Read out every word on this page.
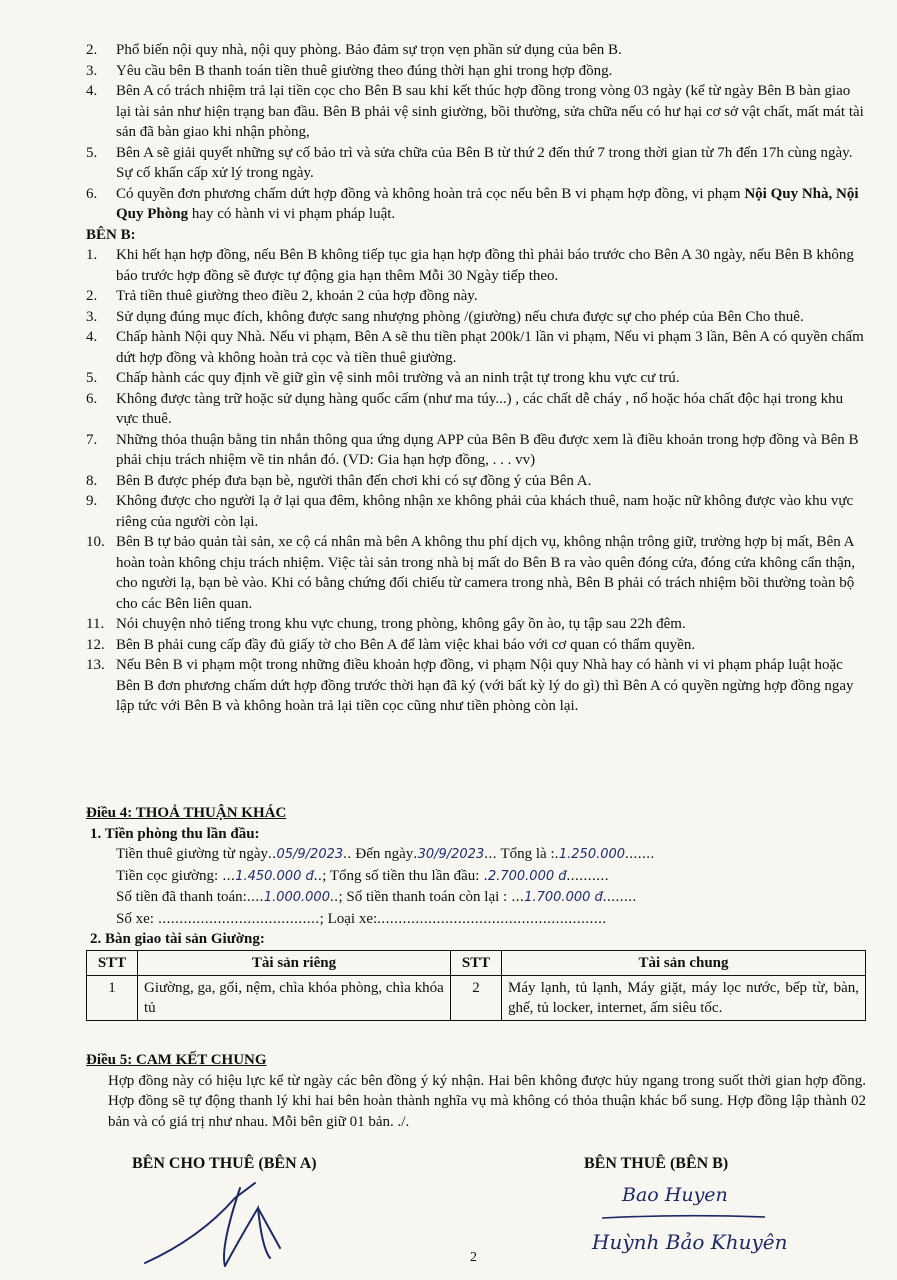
2. Phổ biến nội quy nhà, nội quy phòng. Bảo đảm sự trọn vẹn phần sử dụng của bên B.
3. Yêu cầu bên B thanh toán tiền thuê giường theo đúng thời hạn ghi trong hợp đồng.
4. Bên A có trách nhiệm trả lại tiền cọc cho Bên B sau khi kết thúc hợp đồng trong vòng 03 ngày (kể từ ngày Bên B bàn giao lại tài sản như hiện trạng ban đầu. Bên B phải vệ sinh giường, bồi thường, sửa chữa nếu có hư hại cơ sở vật chất, mất mát tài sản đã bàn giao khi nhận phòng,
5. Bên A sẽ giải quyết những sự cố bảo trì và sửa chữa của Bên B từ thứ 2 đến thứ 7 trong thời gian từ 7h đến 17h cùng ngày. Sự cố khẩn cấp xử lý trong ngày.
6. Có quyền đơn phương chấm dứt hợp đồng và không hoàn trả cọc nếu bên B vi phạm hợp đồng, vi phạm Nội Quy Nhà, Nội Quy Phòng hay có hành vi vi phạm pháp luật.
BÊN B:
1. Khi hết hạn hợp đồng, nếu Bên B không tiếp tục gia hạn hợp đồng thì phải báo trước cho Bên A 30 ngày, nếu Bên B không báo trước hợp đồng sẽ được tự động gia hạn thêm Mỗi 30 Ngày tiếp theo.
2. Trả tiền thuê giường theo điều 2, khoản 2 của hợp đồng này.
3. Sử dụng đúng mục đích, không được sang nhượng phòng /(giường) nếu chưa được sự cho phép của Bên Cho thuê.
4. Chấp hành Nội quy Nhà. Nếu vi phạm, Bên A sẽ thu tiền phạt 200k/1 lần vi phạm, Nếu vi phạm 3 lần, Bên A có quyền chấm dứt hợp đồng và không hoàn trả cọc và tiền thuê giường.
5. Chấp hành các quy định về giữ gìn vệ sinh môi trường và an ninh trật tự trong khu vực cư trú.
6. Không được tàng trữ hoặc sử dụng hàng quốc cấm (như ma túy...) , các chất dễ cháy , nổ hoặc hóa chất độc hại trong khu vực thuê.
7. Những thỏa thuận bằng tin nhắn thông qua ứng dụng APP của Bên B đều được xem là điều khoản trong hợp đồng và Bên B phải chịu trách nhiệm về tin nhắn đó. (VD: Gia hạn hợp đồng, . . . vv)
8. Bên B được phép đưa bạn bè, người thân đến chơi khi có sự đồng ý của Bên A.
9. Không được cho người lạ ở lại qua đêm, không nhận xe không phải của khách thuê, nam hoặc nữ không được vào khu vực riêng của người còn lại.
10. Bên B tự bảo quản tài sản, xe cộ cá nhân mà bên A không thu phí dịch vụ, không nhận trông giữ, trường hợp bị mất, Bên A hoàn toàn không chịu trách nhiệm. Việc tài sản trong nhà bị mất do Bên B ra vào quên đóng cửa, đóng cửa không cẩn thận, cho người lạ, bạn bè vào. Khi có bằng chứng đối chiếu từ camera trong nhà, Bên B phải có trách nhiệm bồi thường toàn bộ cho các Bên liên quan.
11. Nói chuyện nhỏ tiếng trong khu vực chung, trong phòng, không gây ồn ào, tụ tập sau 22h đêm.
12. Bên B phải cung cấp đầy đủ giấy tờ cho Bên A để làm việc khai báo với cơ quan có thẩm quyền.
13. Nếu Bên B vi phạm một trong những điều khoản hợp đồng, vi phạm Nội quy Nhà hay có hành vi vi phạm pháp luật hoặc Bên B đơn phương chấm dứt hợp đồng trước thời hạn đã ký (với bất kỳ lý do gì) thì Bên A có quyền ngừng hợp đồng ngay lập tức với Bên B và không hoàn trả lại tiền cọc cũng như tiền phòng còn lại.
Điều 4: THOẢ THUẬN KHÁC
1. Tiền phòng thu lần đầu:
Tiền thuê giường từ ngày..05/9/2023.. Đến ngày.30/9/2023... Tổng là :.1.250.000.......
Tiền cọc giường: ...1.450.000 đ..; Tổng số tiền thu lần đầu: .2.700.000 đ..........
Số tiền đã thanh toán:....1.000.000..; Số tiền thanh toán còn lại : ...1.700.000 đ........
Số xe: ......................................; Loại xe:......................................................
2. Bàn giao tài sản Giường:
STT	Tài sản riêng	STT	Tài sản chung
1	Giường, ga, gối, nệm, chìa khóa phòng, chìa khóa tủ	2	Máy lạnh, tủ lạnh, Máy giặt, máy lọc nước, bếp từ, bàn, ghế, tủ locker, internet, ấm siêu tốc.
Điều 5: CAM KẾT CHUNG
Hợp đồng này có hiệu lực kể từ ngày các bên đồng ý ký nhận. Hai bên không được hủy ngang trong suốt thời gian hợp đồng. Hợp đồng sẽ tự động thanh lý khi hai bên hoàn thành nghĩa vụ mà không có thỏa thuận khác bổ sung. Hợp đồng lập thành 02 bản và có giá trị như nhau. Mỗi bên giữ 01 bản. ./.
BÊN CHO THUÊ (BÊN A)	BÊN THUÊ (BÊN B)
Bao Huyen
Huỳnh Bảo Khuyên
2
